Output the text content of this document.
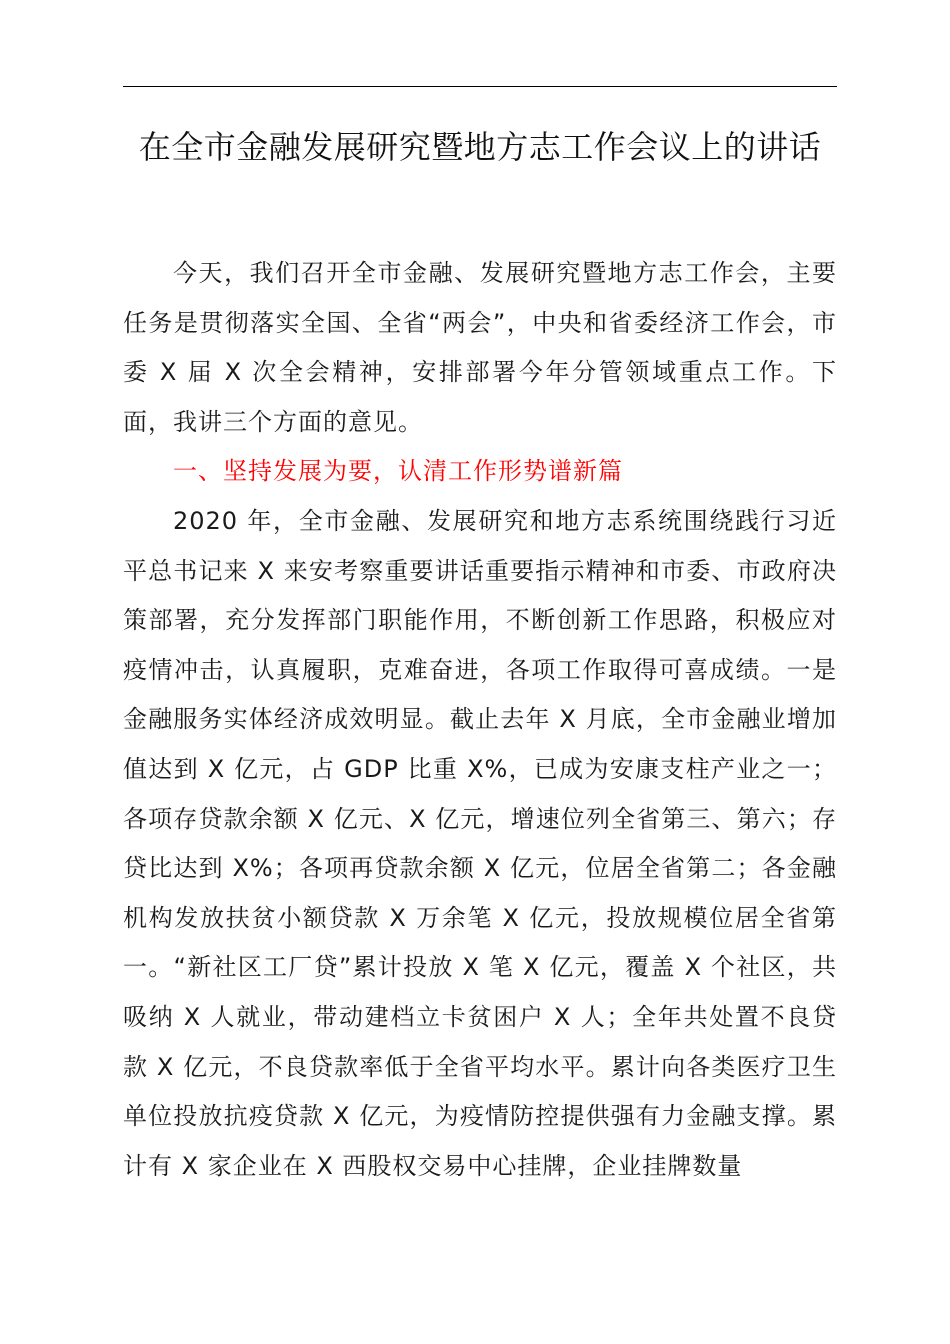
在全市金融发展研究暨地方志工作会议上的讲话

今天，我们召开全市金融、发展研究暨地方志工作会，主要任务是贯彻落实全国、全省“两会”，中央和省委经济工作会，市委 X 届 X 次全会精神，安排部署今年分管领域重点工作。下面，我讲三个方面的意见。

一、坚持发展为要，认清工作形势谱新篇

2020 年，全市金融、发展研究和地方志系统围绕践行习近平总书记来 X 来安考察重要讲话重要指示精神和市委、市政府决策部署，充分发挥部门职能作用，不断创新工作思路，积极应对疫情冲击，认真履职，克难奋进，各项工作取得可喜成绩。一是金融服务实体经济成效明显。截止去年 X 月底，全市金融业增加值达到 X 亿元，占 GDP 比重 X%，已成为安康支柱产业之一；各项存贷款余额 X 亿元、X 亿元，增速位列全省第三、第六；存贷比达到 X%；各项再贷款余额 X 亿元，位居全省第二；各金融机构发放扶贫小额贷款 X 万余笔 X 亿元，投放规模位居全省第一。“新社区工厂贷”累计投放 X 笔 X 亿元，覆盖 X 个社区，共吸纳 X 人就业，带动建档立卡贫困户 X 人；全年共处置不良贷款 X 亿元，不良贷款率低于全省平均水平。累计向各类医疗卫生单位投放抗疫贷款 X 亿元，为疫情防控提供强有力金融支撑。累计有 X 家企业在 X 西股权交易中心挂牌，企业挂牌数量
